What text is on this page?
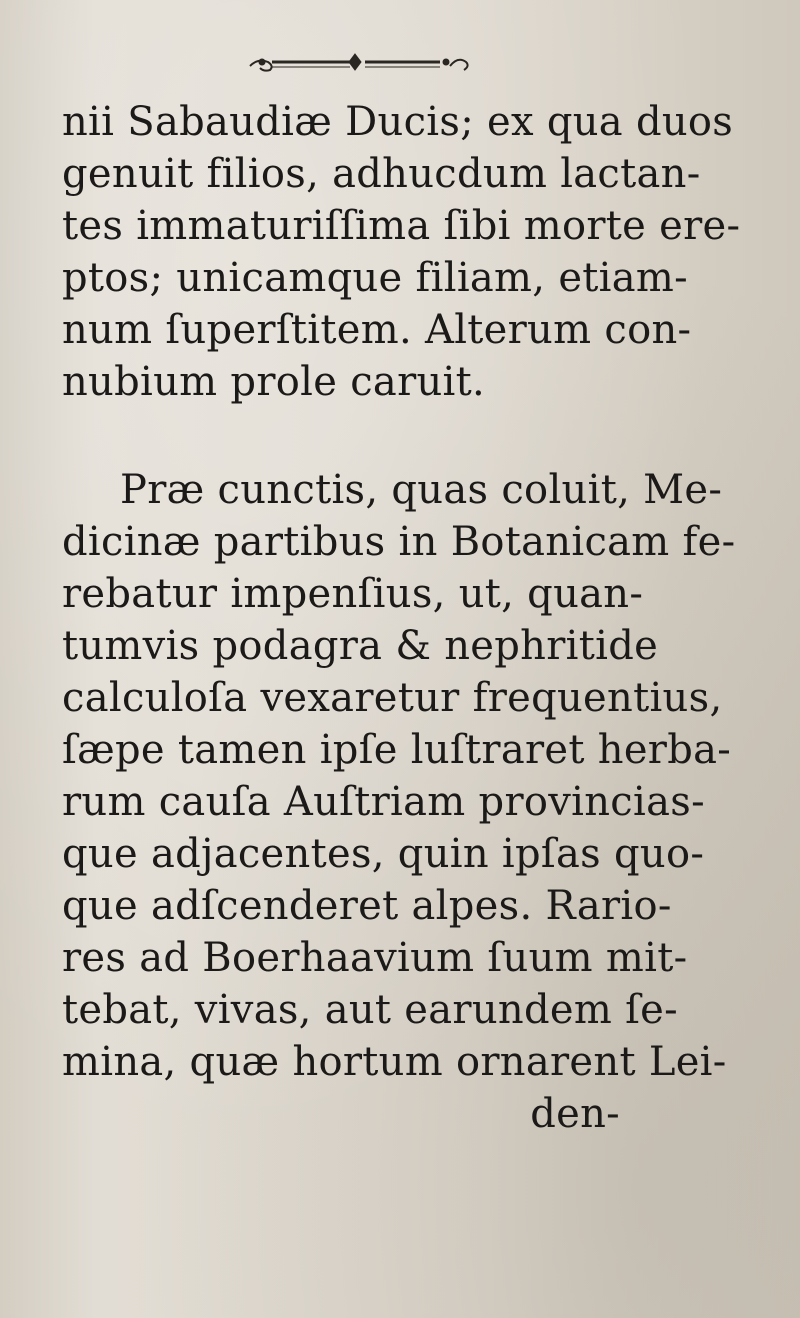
nii Sabaudiæ Ducis; ex qua duos
genuit filios, adhucdum lactan-
tes immaturiſſima ſibi morte ere-
ptos; unicamque filiam, etiam-
num ſuperſtitem. Alterum con-
nubium prole caruit.
Præ cunctis, quas coluit, Me-
dicinæ partibus in Botanicam fe-
rebatur impenſius, ut, quan-
tumvis podagra & nephritide
calculoſa vexaretur frequentius,
ſæpe tamen ipſe luſtraret herba-
rum cauſa Auſtriam provincias-
que adjacentes, quin ipſas quo-
que adſcenderet alpes. Rario-
res ad Boerhaavium ſuum mit-
tebat, vivas, aut earundem ſe-
mina, quæ hortum ornarent Lei-
den-
